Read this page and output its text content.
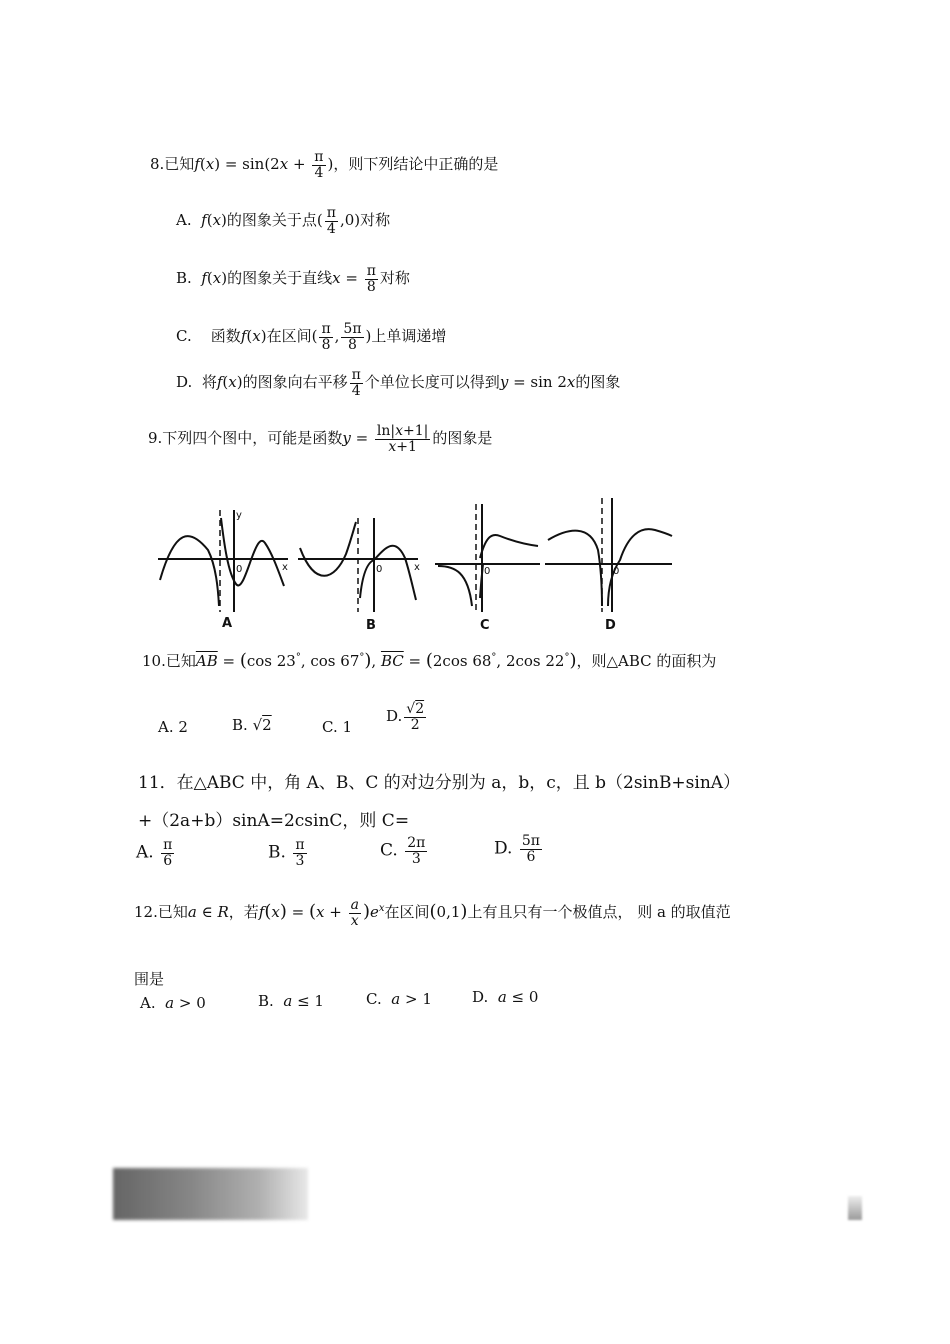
8.已知$f(x) = \sin(2x + \frac{\pi}{4}$ )，则下列结论中正确的是
A. f(x)的图象关于点( $\frac{\pi}{4} ,0$)对称
B. f(x)的图象关于直线$x = \frac{\pi}{8}$ 对称
C. 函数f(x)在区间( $\frac{\pi}{8}$ , $\frac{5\pi}{8}$ )上单调递增
D. 将f(x)的图象向右平移 $\frac{\pi}{4}$ 个单位长度可以得到y = sin 2x的图象
9.下列四个图中，可能是函数$y = \frac{\ln|x+1|}{x+1}$ 的图象是
0	x
y
0	x	0	0
A	B	C	D
10.已知$\overline{AB} = (\cos$ 23°, cos 67°), $\overline{BC} = (2\cos$ 68°, 2cos 22°)，则△ABC 的面积为
A. 2	B. √2	C. 1
D. $\frac{√2}{2}$
11．在△ABC 中，角 A、B、C 的对边分别为 a，b，c，且 b（2sinB+sinA）
+（2a+b）sinA=2csinC，则 C=
A. $\frac{\pi}{6}$	B. $\frac{\pi}{3}$	C. $\frac{2\pi}{3}$	D. $\frac{5\pi}{6}$
12.已知a ∈ R，若$f(x) = (x + \frac{a}{x} )e^x$在区间(0,1)上有且只有一个极值点， 则 a 的取值范
围是
A. a > 0	B. a ≤ 1	C. a > 1	D. a ≤ 0
